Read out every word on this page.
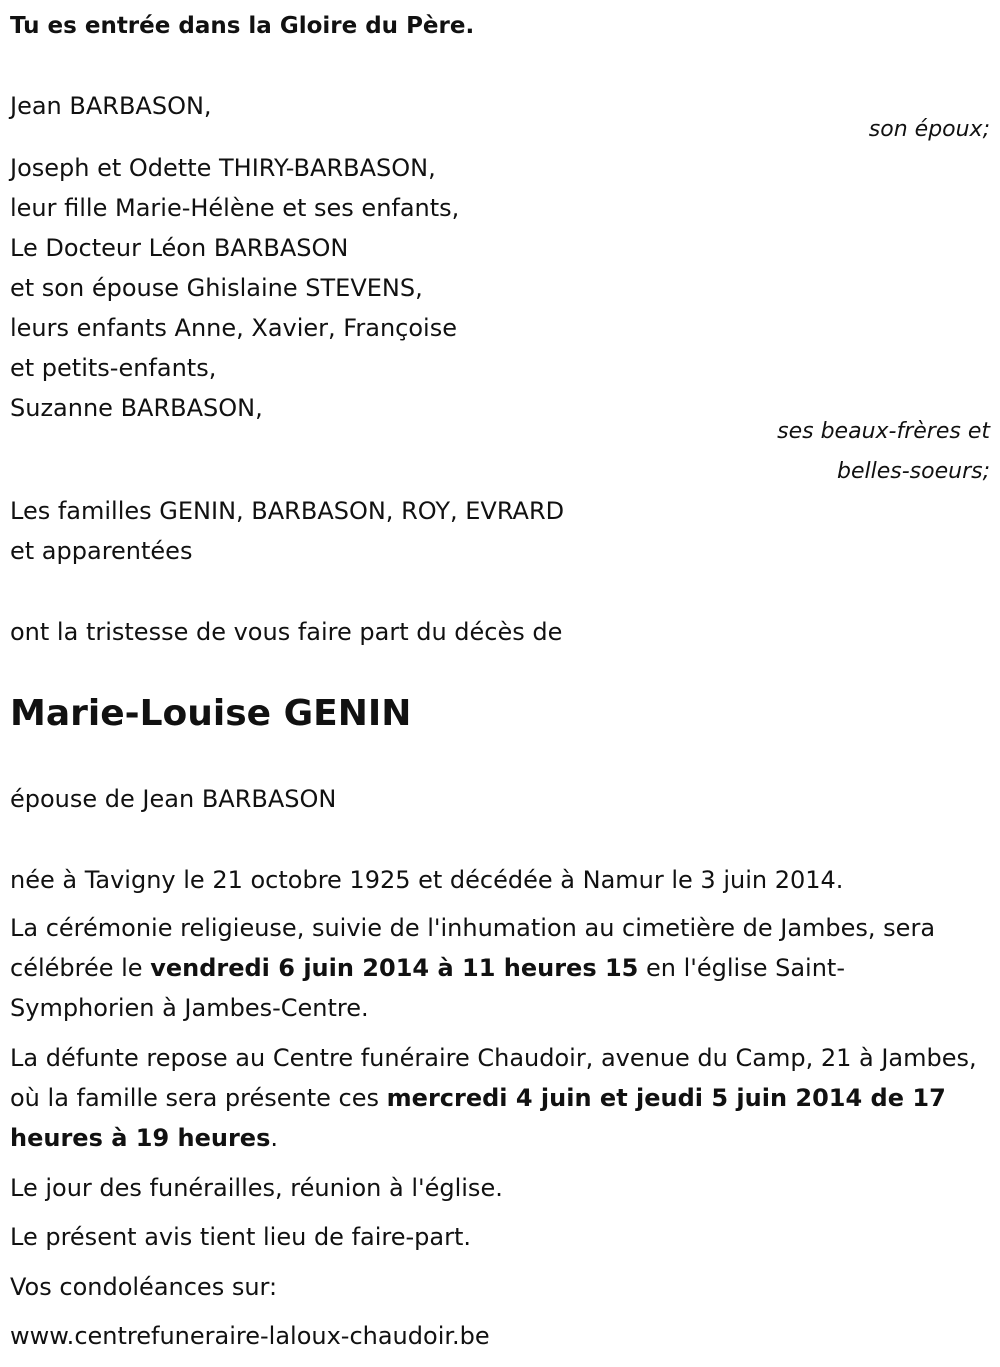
Tu es entrée dans la Gloire du Père.
Jean BARBASON,
son époux;
Joseph et Odette THIRY-BARBASON,
leur fille Marie-Hélène et ses enfants,
Le Docteur Léon BARBASON
et son épouse Ghislaine STEVENS,
leurs enfants Anne, Xavier, Françoise
et petits-enfants,
Suzanne BARBASON,
ses beaux-frères et
belles-soeurs;
Les familles GENIN, BARBASON, ROY, EVRARD
et apparentées
ont la tristesse de vous faire part du décès de
Marie-Louise GENIN
épouse de Jean BARBASON
née à Tavigny le 21 octobre 1925 et décédée à Namur le 3 juin 2014.
La cérémonie religieuse, suivie de l'inhumation au cimetière de Jambes, sera célébrée le vendredi 6 juin 2014 à 11 heures 15 en l'église Saint-Symphorien à Jambes-Centre.
La défunte repose au Centre funéraire Chaudoir, avenue du Camp, 21 à Jambes, où la famille sera présente ces mercredi 4 juin et jeudi 5 juin 2014 de 17 heures à 19 heures.
Le jour des funérailles, réunion à l'église.
Le présent avis tient lieu de faire-part.
Vos condoléances sur:
www.centrefuneraire-laloux-chaudoir.be
